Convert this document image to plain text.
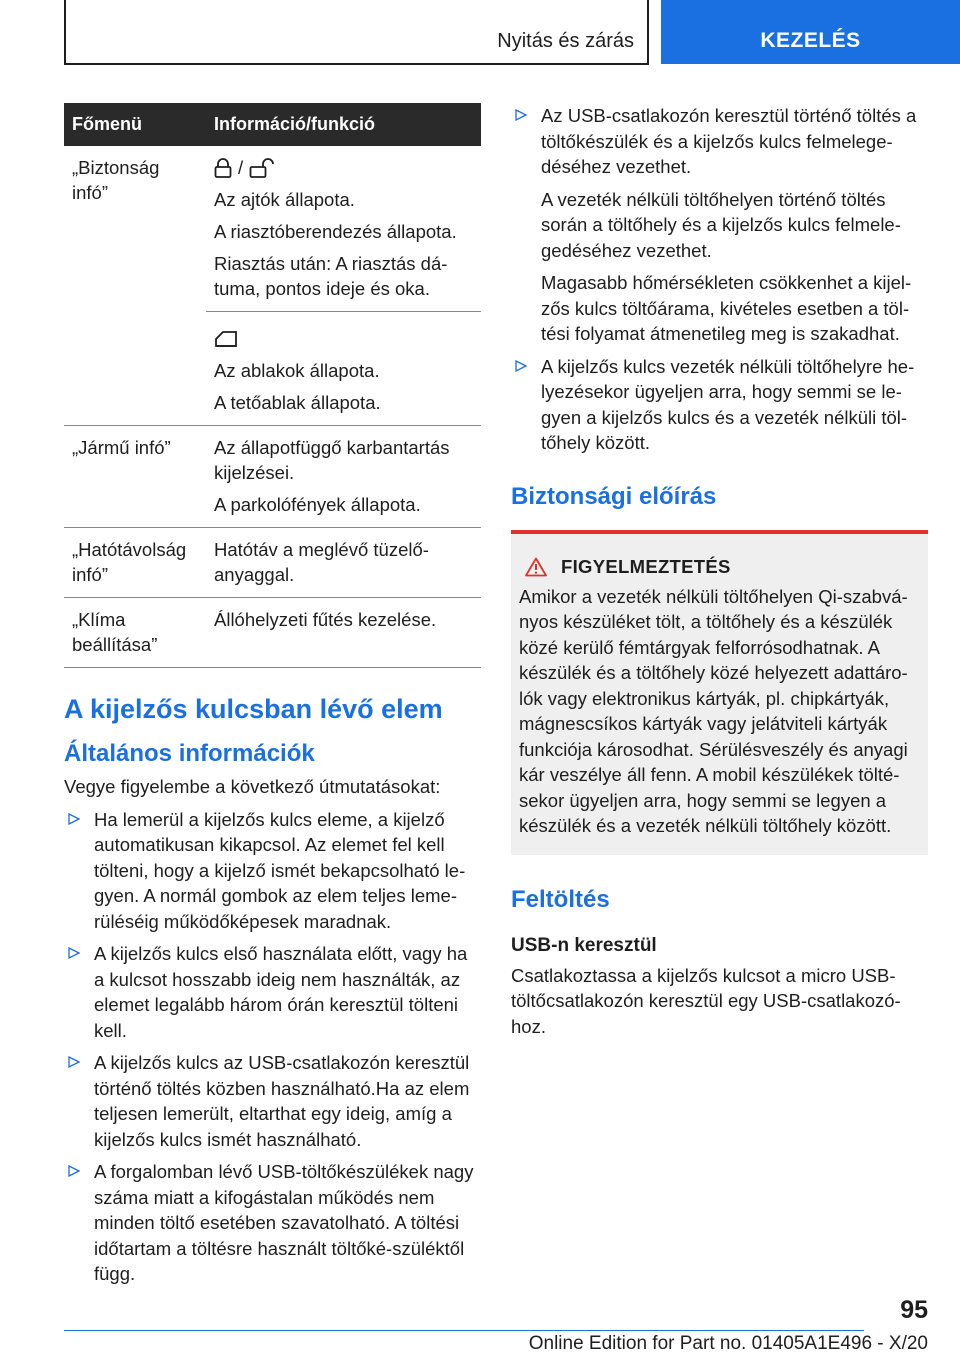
Nyitás és zárás	KEZELÉS
Főmenü	Információ/funkció
„Biztonság infó”	/

Az ajtók állapota.

A riasztóberendezés állapota.

Riasztás után: A riasztás dá-tuma, pontos ideje és oka.

	Az ablakok állapota.

A tetőablak állapota.

„Jármű infó”	Az állapotfüggő karbantartás kijelzései.

A parkolófények állapota.

„Hatótávolság infó”	Hatótáv a meglévő tüzelő-anyaggal.

„Klíma beállítása”	Állóhelyzeti fűtés kezelése.

A kijelzős kulcsban lévő elem
Általános információk

Vegye figyelembe a következő útmutatásokat:

Ha lemerül a kijelzős kulcs eleme, a kijelző automatikusan kikapcsol. Az elemet fel kell tölteni, hogy a kijelző ismét bekapcsolható le-gyen. A normál gombok az elem teljes leme-rüléséig működőképesek maradnak.
A kijelzős kulcs első használata előtt, vagy ha a kulcsot hosszabb ideig nem használták, az elemet legalább három órán keresztül tölteni kell.
A kijelzős kulcs az USB-csatlakozón keresztül történő töltés közben használható.Ha az elem teljesen lemerült, eltarthat egy ideig, amíg a kijelzős kulcs ismét használható.
A forgalomban lévő USB-töltőkészülékek nagy száma miatt a kifogástalan működés nem minden töltő esetében szavatolható. A töltési időtartam a töltésre használt töltőké-szüléktől függ.

Az USB-csatlakozón keresztül történő töltés a töltőkészülék és a kijelzős kulcs felmelege-déséhez vezethet.

A vezeték nélküli töltőhelyen történő töltés során a töltőhely és a kijelzős kulcs felmele-gedéséhez vezethet.

Magasabb hőmérsékleten csökkenhet a kijel-zős kulcs töltőárama, kivételes esetben a töl-tési folyamat átmenetileg meg is szakadhat.

A kijelzős kulcs vezeték nélküli töltőhelyre he-lyezésekor ügyeljen arra, hogy semmi se le-gyen a kijelzős kulcs és a vezeték nélküli töl-tőhely között.
Biztonsági előírás
FIGYELMEZTETÉS

Amikor a vezeték nélküli töltőhelyen Qi-szabvá-nyos készüléket tölt, a töltőhely és a készülék közé kerülő fémtárgyak felforrósodhatnak. A készülék és a töltőhely közé helyezett adattáro-lók vagy elektronikus kártyák, pl. chipkártyák, mágnescsíkos kártyák vagy jelátviteli kártyák funkciója károsodhat. Sérülésveszély és anyagi kár veszélye áll fenn. A mobil készülékek tölté-sekor ügyeljen arra, hogy semmi se legyen a készülék és a vezeték nélküli töltőhely között.

Feltöltés
USB-n keresztül

Csatlakoztassa a kijelzős kulcsot a micro USB-töltőcsatlakozón keresztül egy USB-csatlakozó-hoz.

95
Online Edition for Part no. 01405A1E496 - X/20
